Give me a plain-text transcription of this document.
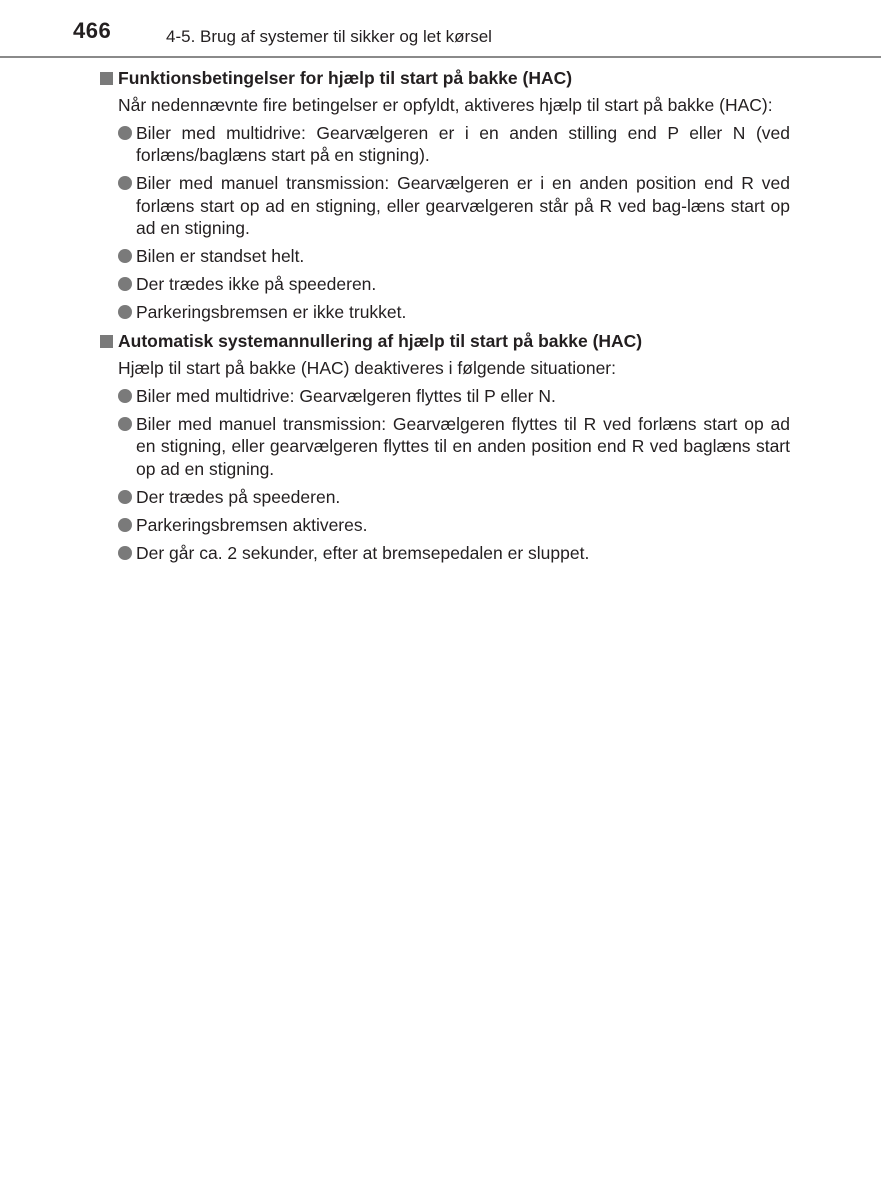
466	4-5. Brug af systemer til sikker og let kørsel
Funktionsbetingelser for hjælp til start på bakke (HAC)
Når nedennævnte fire betingelser er opfyldt, aktiveres hjælp til start på bakke (HAC):
Biler med multidrive: Gearvælgeren er i en anden stilling end P eller N (ved forlæns/baglæns start på en stigning).
Biler med manuel transmission: Gearvælgeren er i en anden position end R ved forlæns start op ad en stigning, eller gearvælgeren står på R ved bag-læns start op ad en stigning.
Bilen er standset helt.
Der trædes ikke på speederen.
Parkeringsbremsen er ikke trukket.
Automatisk systemannullering af hjælp til start på bakke (HAC)
Hjælp til start på bakke (HAC) deaktiveres i følgende situationer:
Biler med multidrive: Gearvælgeren flyttes til P eller N.
Biler med manuel transmission: Gearvælgeren flyttes til R ved forlæns start op ad en stigning, eller gearvælgeren flyttes til en anden position end R ved baglæns start op ad en stigning.
Der trædes på speederen.
Parkeringsbremsen aktiveres.
Der går ca. 2 sekunder, efter at bremsepedalen er sluppet.
